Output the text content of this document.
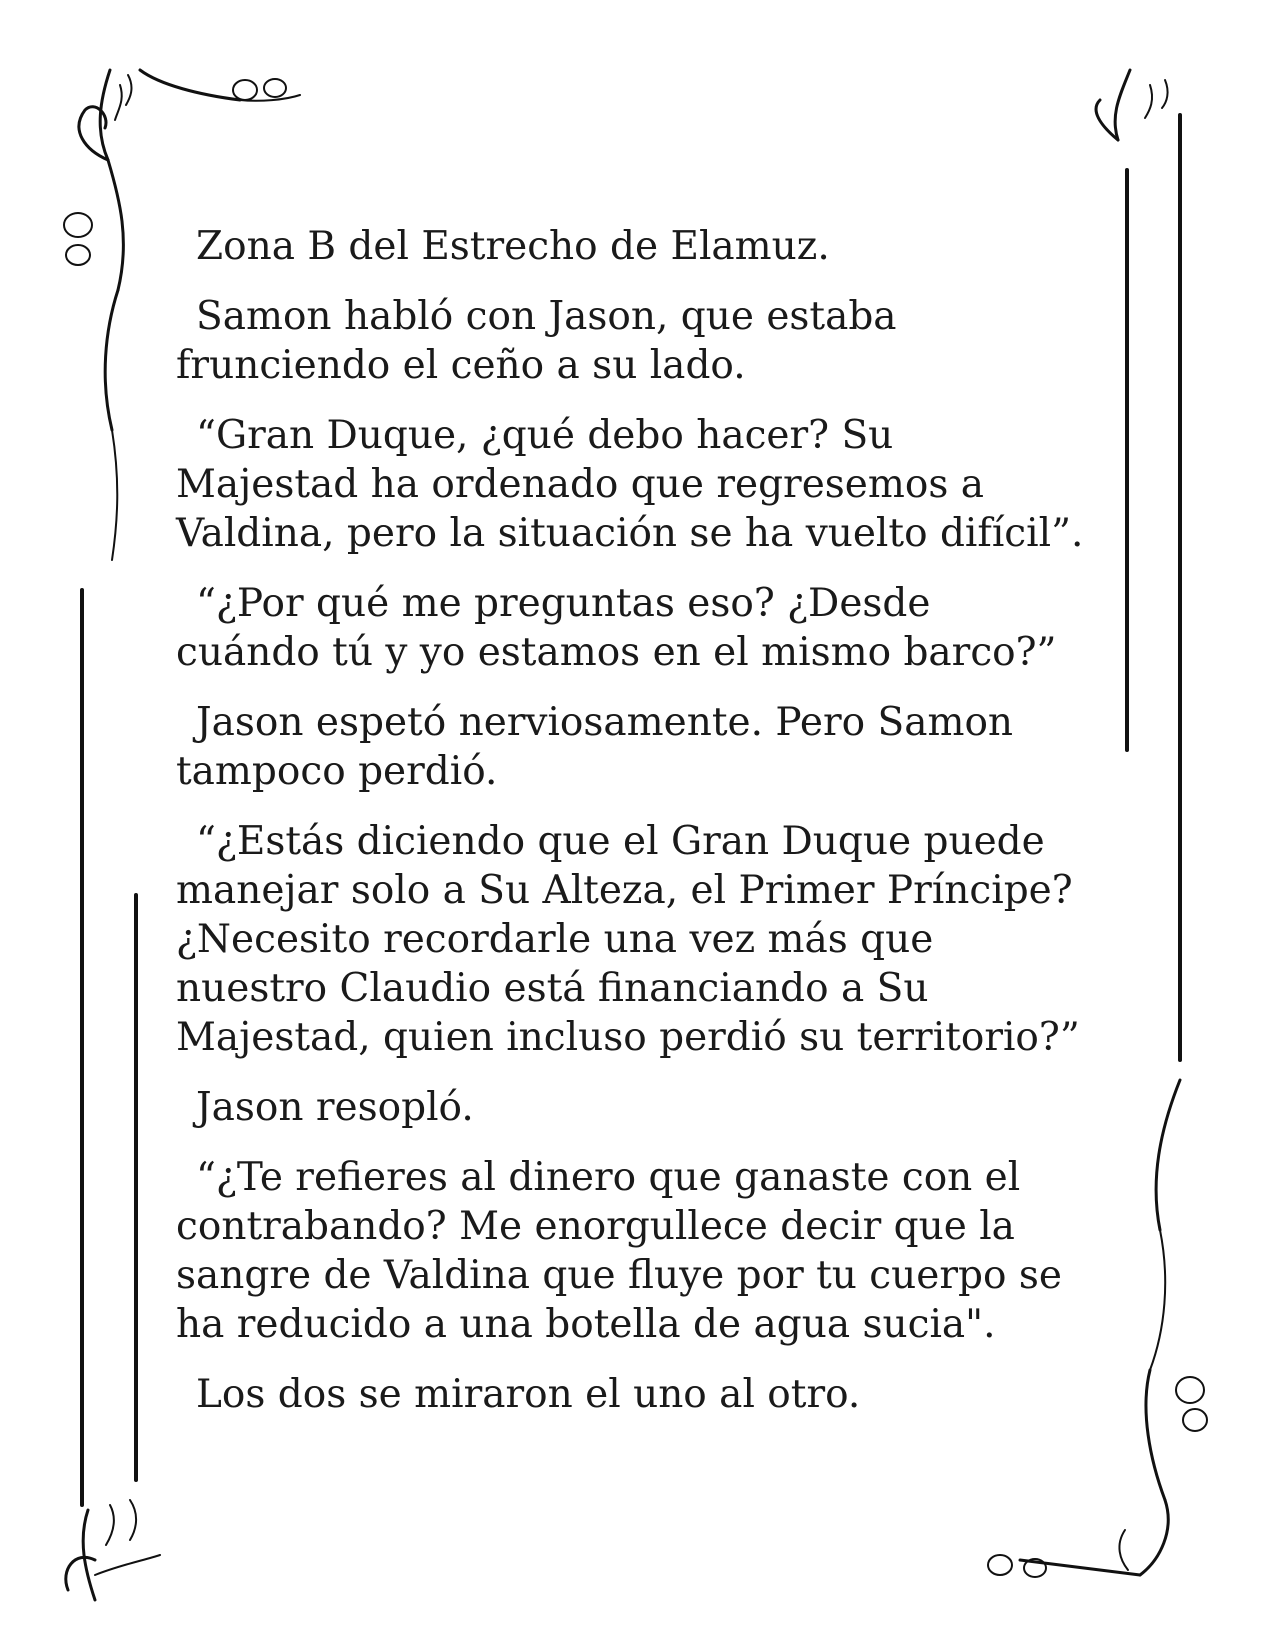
Zona B del Estrecho de Elamuz.

Samon habló con Jason, que estaba frunciendo el ceño a su lado.

“Gran Duque, ¿qué debo hacer? Su Majestad ha ordenado que regresemos a Valdina, pero la situación se ha vuelto difícil”.

“¿Por qué me preguntas eso? ¿Desde cuándo tú y yo estamos en el mismo barco?”

Jason espetó nerviosamente. Pero Samon tampoco perdió.

“¿Estás diciendo que el Gran Duque puede manejar solo a Su Alteza, el Primer Príncipe? ¿Necesito recordarle una vez más que nuestro Claudio está financiando a Su Majestad, quien incluso perdió su territorio?”

Jason resopló.

“¿Te refieres al dinero que ganaste con el contrabando? Me enorgullece decir que la sangre de Valdina que fluye por tu cuerpo se ha reducido a una botella de agua sucia".

Los dos se miraron el uno al otro.
